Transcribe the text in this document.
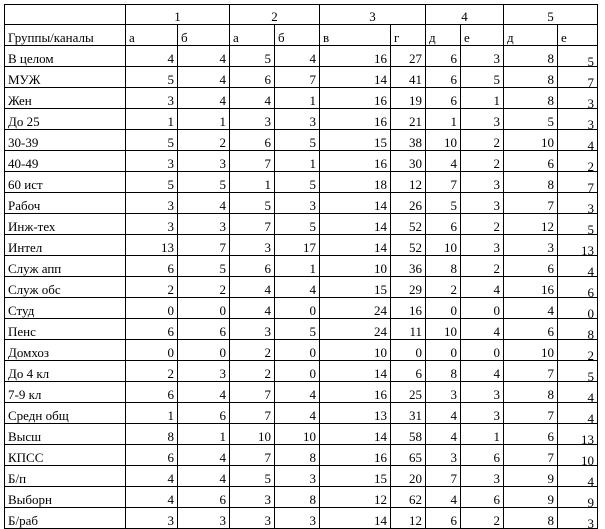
	1		2		3		4		5	
Группы/каналы	а	б	а	б	в	г	д	е	д	е
В целом	4	4	5	4	16	27	6	3	8	5
МУЖ	5	4	6	7	14	41	6	5	8	7
Жен	3	4	4	1	16	19	6	1	8	3
До 25	1	1	3	3	16	21	1	3	5	3
30-39	5	2	6	5	15	38	10	2	10	4
40-49	3	3	7	1	16	30	4	2	6	2
60 ист	5	5	1	5	18	12	7	3	8	7
Рабоч	3	4	5	3	14	26	5	3	7	3
Инж-тех	3	3	7	5	14	52	6	2	12	5
Интел	13	7	3	17	14	52	10	3	3	13
Служ апп	6	5	6	1	10	36	8	2	6	4
Служ обс	2	2	4	4	15	29	2	4	16	6
Студ	0	0	4	0	24	16	0	0	4	0
Пенс	6	6	3	5	24	11	10	4	6	8
Домхоз	0	0	2	0	10	0	0	0	10	2
До 4 кл	2	3	2	0	14	6	8	4	7	5
7-9 кл	6	4	7	4	16	25	3	3	8	4
Средн общ	1	6	7	4	13	31	4	3	7	4
Высш	8	1	10	10	14	58	4	1	6	13
КПСС	6	4	7	8	16	65	3	6	7	10
Б/п	4	4	5	3	15	20	7	3	9	4
Выборн	4	6	3	8	12	62	4	6	9	9
Б/раб	3	3	3	3	14	12	6	2	8	3
